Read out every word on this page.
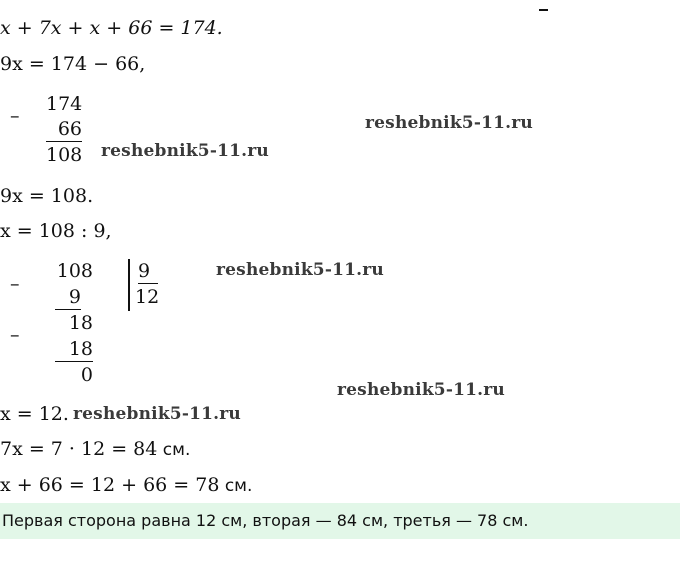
x + 7x + x + 66 = 174.
9x = 174 − 66,
–
174
66
108 reshebnik5-11.ru
reshebnik5-11.ru
9x = 108.
x = 108 : 9,
–
108
9
9
12
–
18
18
0
reshebnik5-11.ru
reshebnik5-11.ru
x = 12. reshebnik5-11.ru
7x = 7 · 12 = 84 см.
x + 66 = 12 + 66 = 78 см.
Первая сторона равна 12 см, вторая — 84 см, третья — 78 см.
